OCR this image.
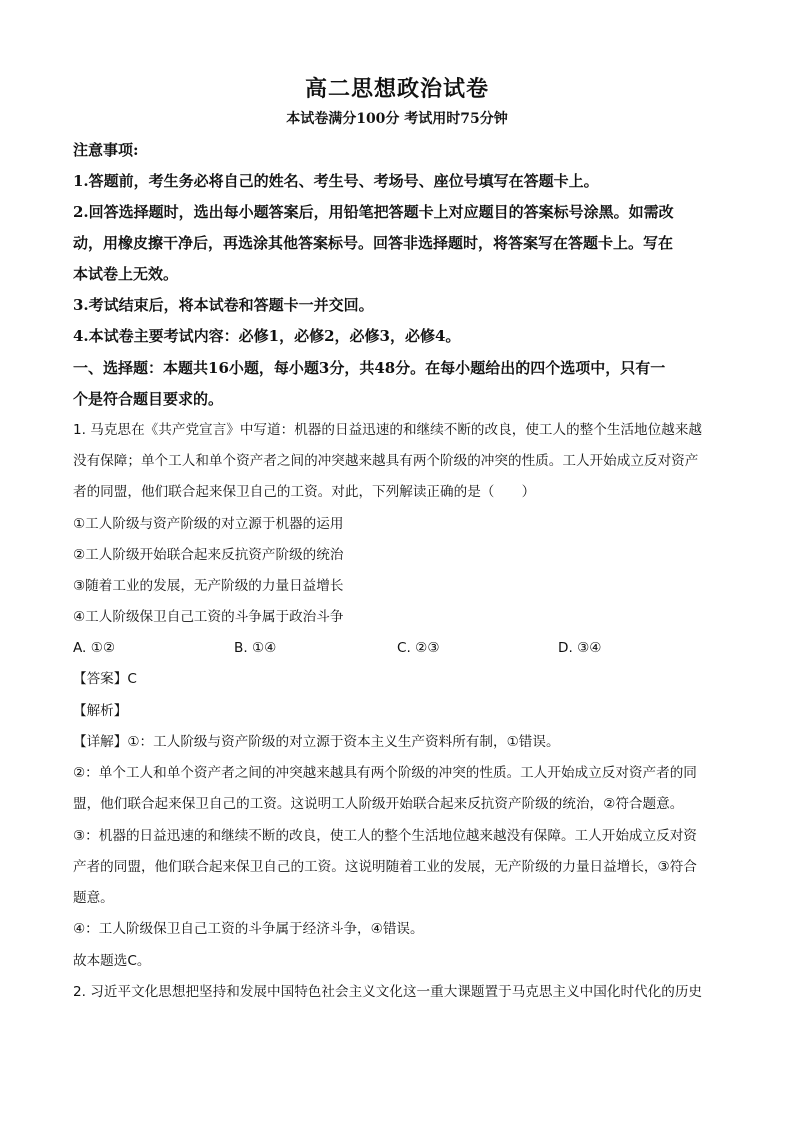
高二思想政治试卷
本试卷满分100分 考试用时75分钟
注意事项:
1.答题前，考生务必将自己的姓名、考生号、考场号、座位号填写在答题卡上。
2.回答选择题时，选出每小题答案后，用铅笔把答题卡上对应题目的答案标号涂黑。如需改
动，用橡皮擦干净后，再选涂其他答案标号。回答非选择题时，将答案写在答题卡上。写在
本试卷上无效。
3.考试结束后，将本试卷和答题卡一并交回。
4.本试卷主要考试内容：必修1，必修2，必修3，必修4。
一、选择题：本题共16小题，每小题3分，共48分。在每小题给出的四个选项中，只有一
个是符合题目要求的。
1. 马克思在《共产党宣言》中写道：机器的日益迅速的和继续不断的改良，使工人的整个生活地位越来越
没有保障；单个工人和单个资产者之间的冲突越来越具有两个阶级的冲突的性质。工人开始成立反对资产
者的同盟，他们联合起来保卫自己的工资。对此，下列解读正确的是（　　）
①工人阶级与资产阶级的对立源于机器的运用
②工人阶级开始联合起来反抗资产阶级的统治
③随着工业的发展，无产阶级的力量日益增长
④工人阶级保卫自己工资的斗争属于政治斗争
A. ①②	B. ①④	C. ②③	D. ③④
【答案】C
【解析】
【详解】①：工人阶级与资产阶级的对立源于资本主义生产资料所有制，①错误。
②：单个工人和单个资产者之间的冲突越来越具有两个阶级的冲突的性质。工人开始成立反对资产者的同
盟，他们联合起来保卫自己的工资。这说明工人阶级开始联合起来反抗资产阶级的统治，②符合题意。
③：机器的日益迅速的和继续不断的改良，使工人的整个生活地位越来越没有保障。工人开始成立反对资
产者的同盟，他们联合起来保卫自己的工资。这说明随着工业的发展，无产阶级的力量日益增长，③符合
题意。
④：工人阶级保卫自己工资的斗争属于经济斗争，④错误。
故本题选C。
2. 习近平文化思想把坚持和发展中国特色社会主义文化这一重大课题置于马克思主义中国化时代化的历史
